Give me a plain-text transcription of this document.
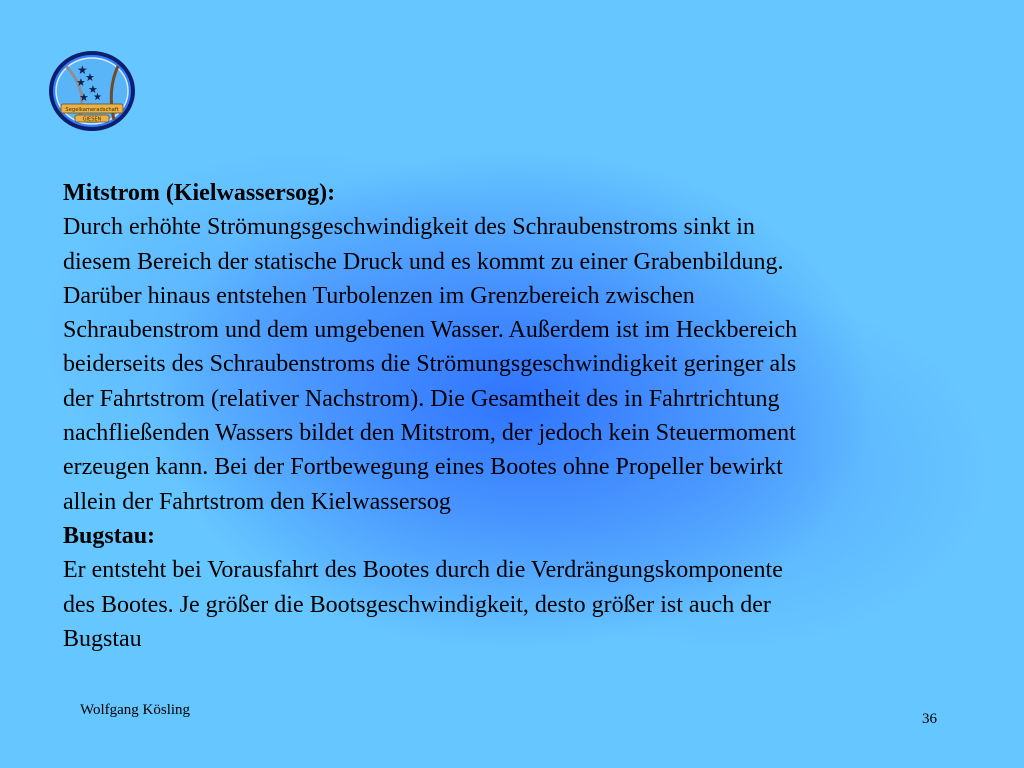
★
★
★
★
★
★
Segelkameradschaft
GIESEN

Mitstrom (Kielwassersog):

Durch erhöhte Strömungsgeschwindigkeit des Schraubenstroms sinkt in

diesem Bereich der statische Druck und es kommt zu einer Grabenbildung.

Darüber hinaus entstehen Turbolenzen im Grenzbereich zwischen

Schraubenstrom und dem umgebenen Wasser. Außerdem ist im Heckbereich

beiderseits des Schraubenstroms die Strömungsgeschwindigkeit geringer als

der Fahrtstrom (relativer Nachstrom). Die Gesamtheit des in Fahrtrichtung

nachfließenden Wassers bildet den Mitstrom, der jedoch kein Steuermoment

erzeugen kann. Bei der Fortbewegung eines Bootes ohne Propeller bewirkt

allein der Fahrtstrom den Kielwassersog

Bugstau:

Er entsteht bei Vorausfahrt des Bootes durch die Verdrängungskomponente

des Bootes. Je größer die Bootsgeschwindigkeit, desto größer ist auch der

Bugstau

Wolfgang Kösling
36
